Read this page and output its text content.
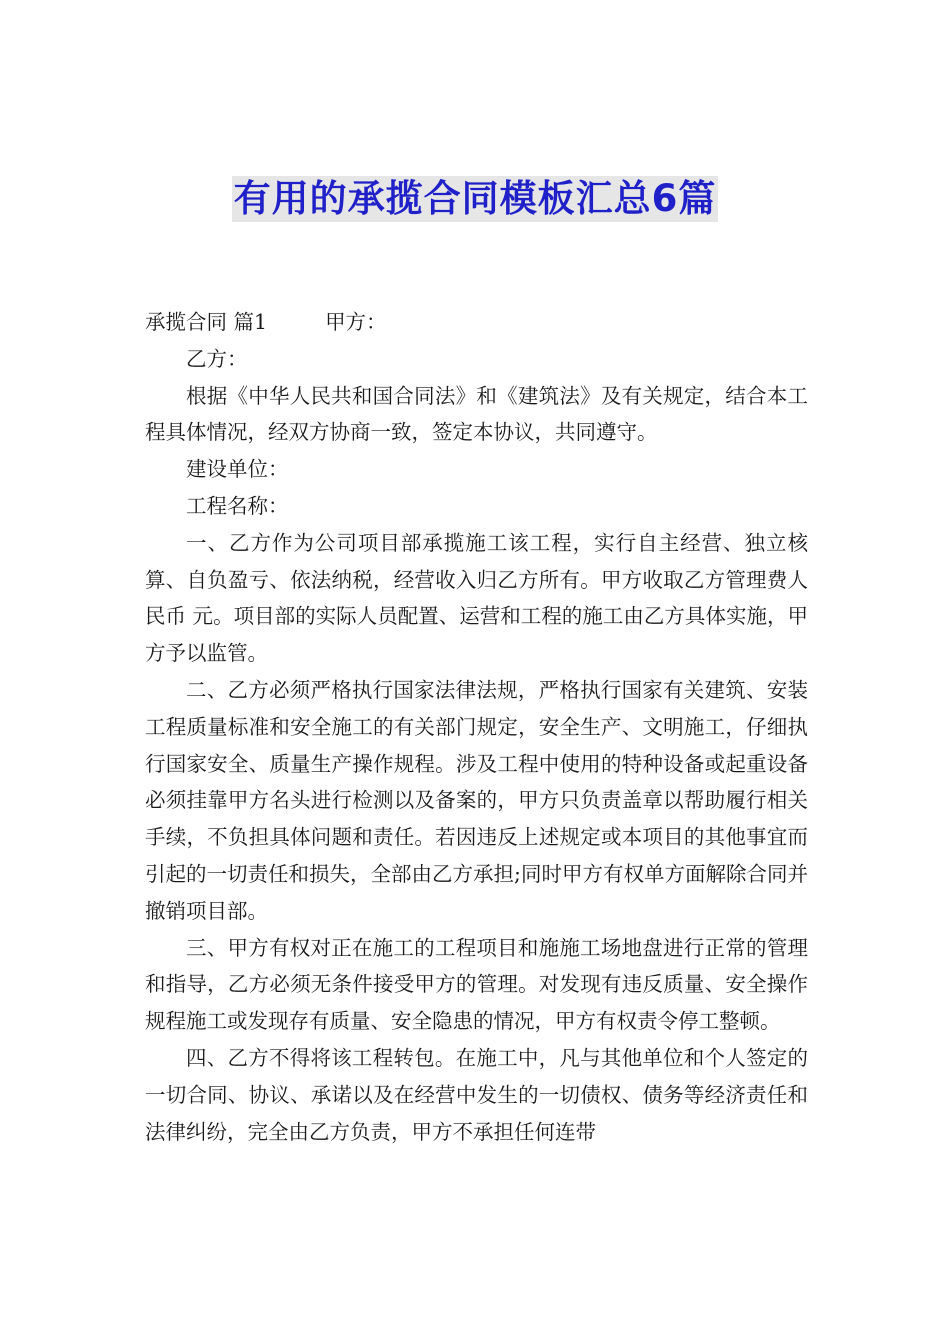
有用的承揽合同模板汇总6篇

承揽合同 篇1	甲方：

乙方：

根据《中华人民共和国合同法》和《建筑法》及有关规定，结合本工程具体情况，经双方协商一致，签定本协议，共同遵守。

建设单位：

工程名称：

一、乙方作为公司项目部承揽施工该工程，实行自主经营、独立核算、自负盈亏、依法纳税，经营收入归乙方所有。甲方收取乙方管理费人民币 元。项目部的实际人员配置、运营和工程的施工由乙方具体实施，甲方予以监管。

二、乙方必须严格执行国家法律法规，严格执行国家有关建筑、安装工程质量标准和安全施工的有关部门规定，安全生产、文明施工，仔细执行国家安全、质量生产操作规程。涉及工程中使用的特种设备或起重设备必须挂靠甲方名头进行检测以及备案的，甲方只负责盖章以帮助履行相关手续，不负担具体问题和责任。若因违反上述规定或本项目的其他事宜而引起的一切责任和损失，全部由乙方承担;同时甲方有权单方面解除合同并撤销项目部。

三、甲方有权对正在施工的工程项目和施施工场地盘进行正常的管理和指导，乙方必须无条件接受甲方的管理。对发现有违反质量、安全操作规程施工或发现存有质量、安全隐患的情况，甲方有权责令停工整顿。

四、乙方不得将该工程转包。在施工中，凡与其他单位和个人签定的一切合同、协议、承诺以及在经营中发生的一切债权、债务等经济责任和法律纠纷，完全由乙方负责，甲方不承担任何连带
